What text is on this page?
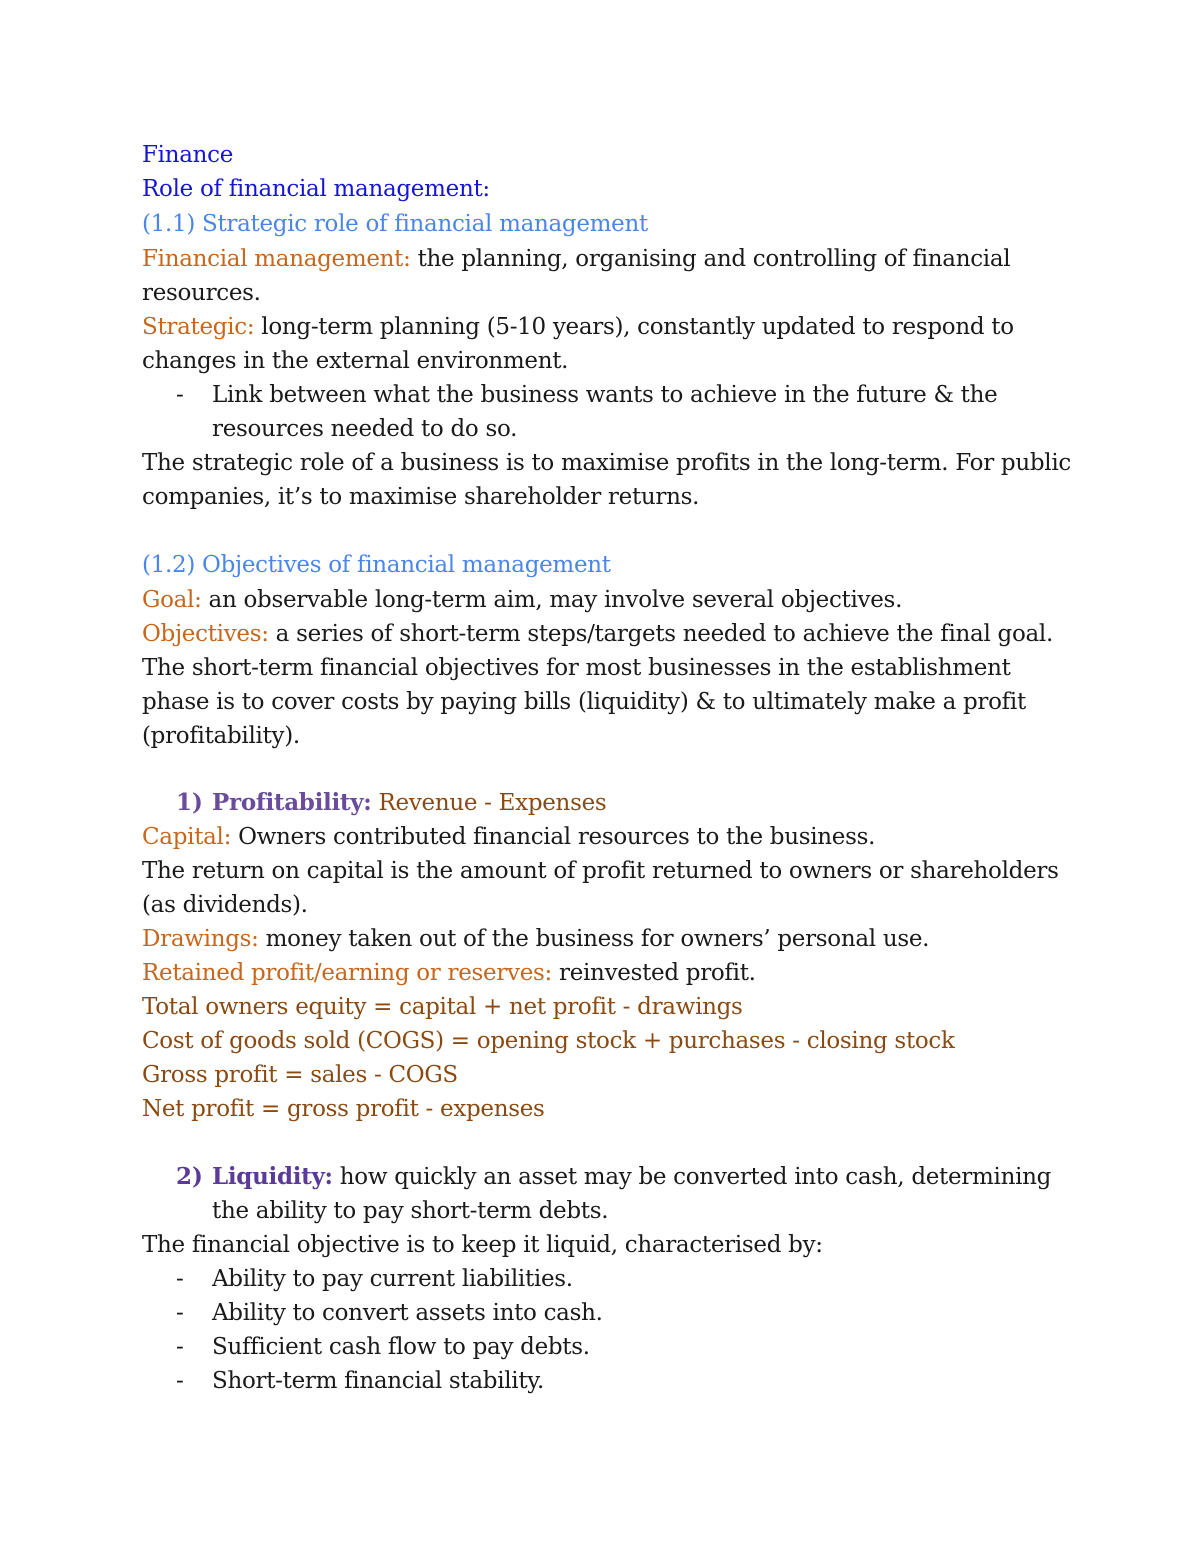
Finance
Role of financial management:
(1.1) Strategic role of financial management
Financial management: the planning, organising and controlling of financial
resources.
Strategic: long-term planning (5-10 years), constantly updated to respond to
changes in the external environment.
- Link between what the business wants to achieve in the future & the
resources needed to do so.
The strategic role of a business is to maximise profits in the long-term. For public
companies, it’s to maximise shareholder returns.
(1.2) Objectives of financial management
Goal: an observable long-term aim, may involve several objectives.
Objectives: a series of short-term steps/targets needed to achieve the final goal.
The short-term financial objectives for most businesses in the establishment
phase is to cover costs by paying bills (liquidity) & to ultimately make a profit
(profitability).
1) Profitability: Revenue - Expenses
Capital: Owners contributed financial resources to the business.
The return on capital is the amount of profit returned to owners or shareholders
(as dividends).
Drawings: money taken out of the business for owners’ personal use.
Retained profit/earning or reserves: reinvested profit.
Total owners equity = capital + net profit - drawings
Cost of goods sold (COGS) = opening stock + purchases - closing stock
Gross profit = sales - COGS
Net profit = gross profit - expenses
2) Liquidity: how quickly an asset may be converted into cash, determining
the ability to pay short-term debts.
The financial objective is to keep it liquid, characterised by:
- Ability to pay current liabilities.
- Ability to convert assets into cash.
- Sufficient cash flow to pay debts.
- Short-term financial stability.
